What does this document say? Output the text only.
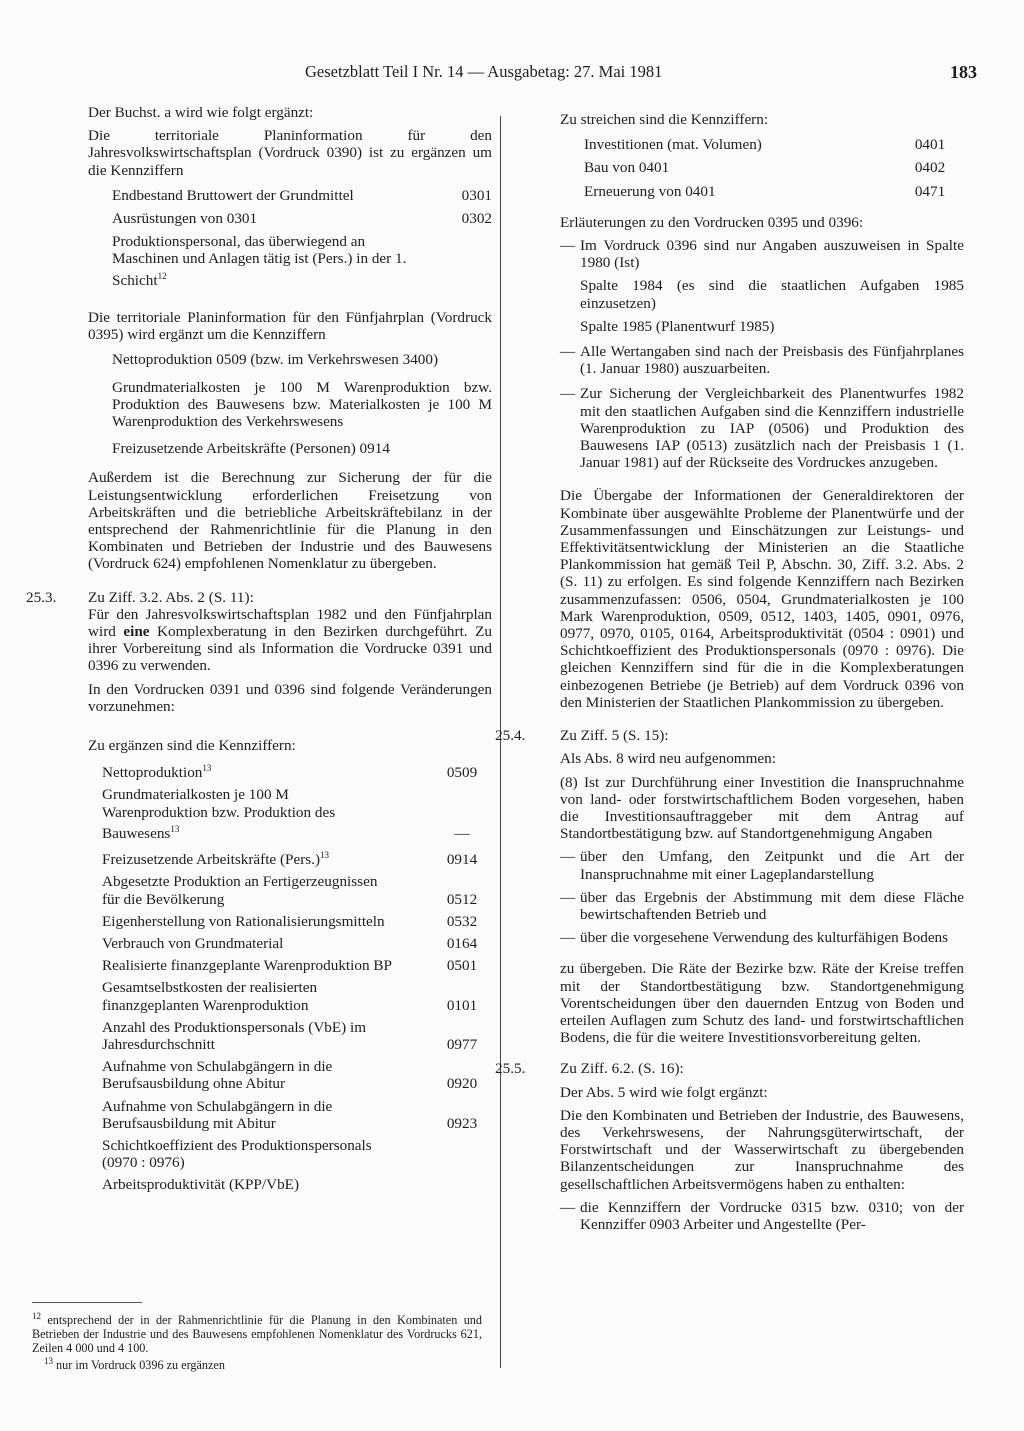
Gesetzblatt Teil I Nr. 14 — Ausgabetag: 27. Mai 1981	183

Der Buchst. a wird wie folgt ergänzt:

Die territoriale Planinformation für den Jahresvolkswirtschaftsplan (Vordruck 0390) ist zu ergänzen um die Kennziffern

Endbestand Bruttowert der Grundmittel	0301
Ausrüstungen von 0301	0302
Produktionspersonal, das überwiegend an Maschinen und Anlagen tätig ist (Pers.) in der 1. Schicht$^{12}$

Die territoriale Planinformation für den Fünfjahrplan (Vordruck 0395) wird ergänzt um die Kennziffern

Nettoproduktion 0509 (bzw. im Verkehrswesen 3400)

Grundmaterialkosten je 100 M Warenproduktion bzw. Produktion des Bauwesens bzw. Materialkosten je 100 M Warenproduktion des Verkehrswesens

Freizusetzende Arbeitskräfte (Personen) 0914

Außerdem ist die Berechnung zur Sicherung der für die Leistungsentwicklung erforderlichen Freisetzung von Arbeitskräften und die betriebliche Arbeitskräftebilanz in der entsprechend der Rahmenrichtlinie für die Planung in den Kombinaten und Betrieben der Industrie und des Bauwesens (Vordruck 624) empfohlenen Nomenklatur zu übergeben.

25.3. Zu Ziff. 3.2. Abs. 2 (S. 11):

Für den Jahresvolkswirtschaftsplan 1982 und den Fünfjahrplan wird eine Komplexberatung in den Bezirken durchgeführt. Zu ihrer Vorbereitung sind als Information die Vordrucke 0391 und 0396 zu verwenden.

In den Vordrucken 0391 und 0396 sind folgende Veränderungen vorzunehmen:

Zu ergänzen sind die Kennziffern:

Nettoproduktion$^{13}$	0509
Grundmaterialkosten je 100 M Warenproduktion bzw. Produktion des Bauwesens$^{13}$	—
Freizusetzende Arbeitskräfte (Pers.)$^{13}$	0914
Abgesetzte Produktion an Fertigerzeugnissen für die Bevölkerung	0512
Eigenherstellung von Rationalisierungsmitteln	0532
Verbrauch von Grundmaterial	0164
Realisierte finanzgeplante Warenproduktion BP	0501
Gesamtselbstkosten der realisierten finanzgeplanten Warenproduktion	0101
Anzahl des Produktionspersonals (VbE) im Jahresdurchschnitt	0977
Aufnahme von Schulabgängern in die Berufsausbildung ohne Abitur	0920
Aufnahme von Schulabgängern in die Berufsausbildung mit Abitur	0923
Schichtkoeffizient des Produktionspersonals (0970 : 0976)
Arbeitsproduktivität (KPP/VbE)

$^{12}$ entsprechend der in der Rahmenrichtlinie für die Planung in den Kombinaten und Betrieben der Industrie und des Bauwesens empfohlenen Nomenklatur des Vordrucks 621, Zeilen 4 000 und 4 100.

$^{13}$ nur im Vordruck 0396 zu ergänzen

Zu streichen sind die Kennziffern:

Investitionen (mat. Volumen)	0401
Bau von 0401	0402
Erneuerung von 0401	0471

Erläuterungen zu den Vordrucken 0395 und 0396:

— Im Vordruck 0396 sind nur Angaben auszuweisen in Spalte 1980 (Ist)

Spalte 1984 (es sind die staatlichen Aufgaben 1985 einzusetzen)

Spalte 1985 (Planentwurf 1985)

— Alle Wertangaben sind nach der Preisbasis des Fünfjahrplanes (1. Januar 1980) auszuarbeiten.

— Zur Sicherung der Vergleichbarkeit des Planentwurfes 1982 mit den staatlichen Aufgaben sind die Kennziffern industrielle Warenproduktion zu IAP (0506) und Produktion des Bauwesens IAP (0513) zusätzlich nach der Preisbasis 1 (1. Januar 1981) auf der Rückseite des Vordruckes anzugeben.

Die Übergabe der Informationen der Generaldirektoren der Kombinate über ausgewählte Probleme der Planentwürfe und der Zusammenfassungen und Einschätzungen zur Leistungs- und Effektivitätsentwicklung der Ministerien an die Staatliche Plankommission hat gemäß Teil P, Abschn. 30, Ziff. 3.2. Abs. 2 (S. 11) zu erfolgen. Es sind folgende Kennziffern nach Bezirken zusammenzufassen: 0506, 0504, Grundmaterialkosten je 100 Mark Warenproduktion, 0509, 0512, 1403, 1405, 0901, 0976, 0977, 0970, 0105, 0164, Arbeitsproduktivität (0504 : 0901) und Schichtkoeffizient des Produktionspersonals (0970 : 0976). Die gleichen Kennziffern sind für die in die Komplexberatungen einbezogenen Betriebe (je Betrieb) auf dem Vordruck 0396 von den Ministerien der Staatlichen Plankommission zu übergeben.

25.4. Zu Ziff. 5 (S. 15):

Als Abs. 8 wird neu aufgenommen:

(8) Ist zur Durchführung einer Investition die Inanspruchnahme von land- oder forstwirtschaftlichem Boden vorgesehen, haben die Investitionsauftraggeber mit dem Antrag auf Standortbestätigung bzw. auf Standortgenehmigung Angaben

— über den Umfang, den Zeitpunkt und die Art der Inanspruchnahme mit einer Lageplandarstellung

— über das Ergebnis der Abstimmung mit dem diese Fläche bewirtschaftenden Betrieb und

— über die vorgesehene Verwendung des kulturfähigen Bodens

zu übergeben. Die Räte der Bezirke bzw. Räte der Kreise treffen mit der Standortbestätigung bzw. Standortgenehmigung Vorentscheidungen über den dauernden Entzug von Boden und erteilen Auflagen zum Schutz des land- und forstwirtschaftlichen Bodens, die für die weitere Investitionsvorbereitung gelten.

25.5. Zu Ziff. 6.2. (S. 16):

Der Abs. 5 wird wie folgt ergänzt:

Die den Kombinaten und Betrieben der Industrie, des Bauwesens, des Verkehrswesens, der Nahrungsgüterwirtschaft, der Forstwirtschaft und der Wasserwirtschaft zu übergebenden Bilanzentscheidungen zur Inanspruchnahme des gesellschaftlichen Arbeitsvermögens haben zu enthalten:

— die Kennziffern der Vordrucke 0315 bzw. 0310; von der Kennziffer 0903 Arbeiter und Angestellte (Per-
